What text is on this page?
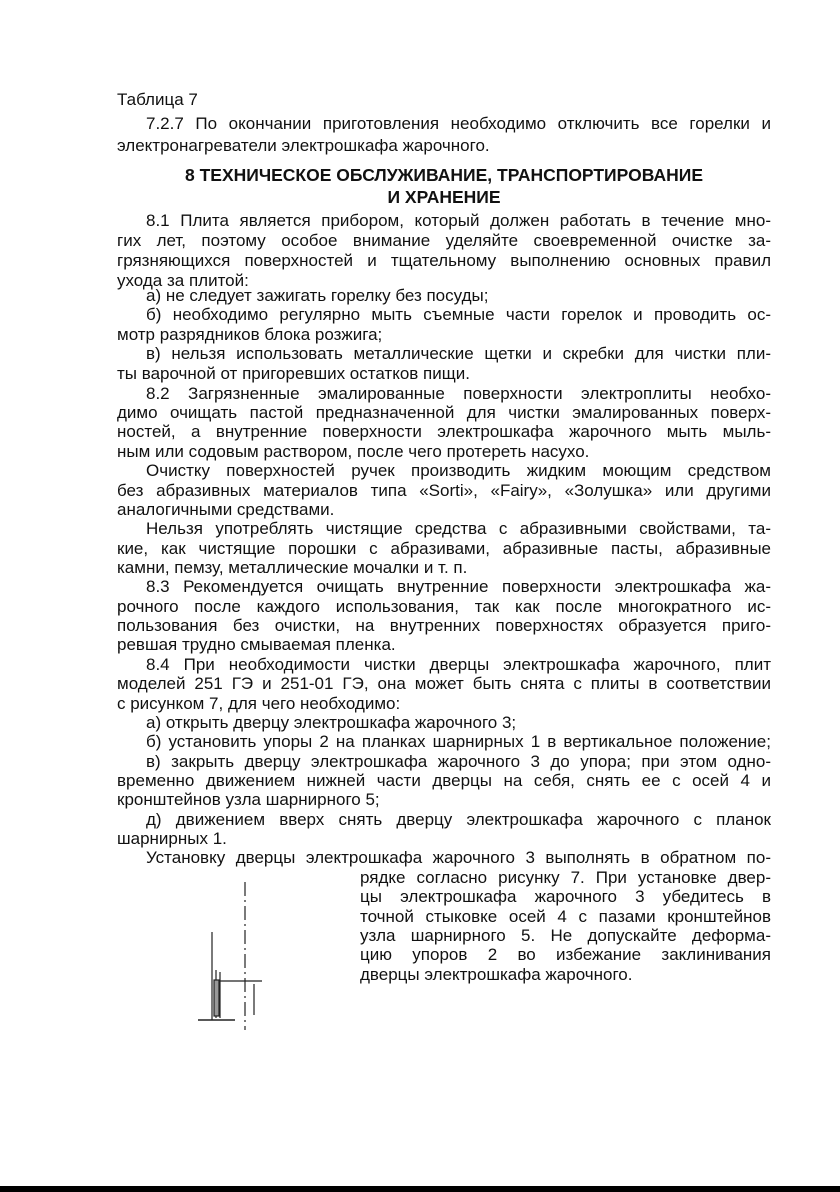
Таблица 7
7.2.7 По окончании приготовления необходимо отключить все горелки и
электронагреватели электрошкафа жарочного.
8 ТЕХНИЧЕСКОЕ ОБСЛУЖИВАНИЕ, ТРАНСПОРТИРОВАНИЕ
И ХРАНЕНИЕ
8.1 Плита является прибором, который должен работать в течение мно-
гих лет, поэтому особое внимание уделяйте своевременной очистке за-
грязняющихся поверхностей и тщательному выполнению основных правил
ухода за плитой:
а) не следует зажигать горелку без посуды;
б) необходимо регулярно мыть съемные части горелок и проводить ос-
мотр разрядников блока розжига;
в) нельзя использовать металлические щетки и скребки для чистки пли-
ты варочной от пригоревших остатков пищи.
8.2 Загрязненные эмалированные поверхности электроплиты необхо-
димо очищать пастой предназначенной для чистки эмалированных поверх-
ностей, а внутренние поверхности электрошкафа жарочного мыть мыль-
ным или содовым раствором, после чего протереть насухо.
Очистку поверхностей ручек производить жидким моющим средством
без абразивных материалов типа «Sorti», «Fairy», «Золушка» или другими
аналогичными средствами.
Нельзя употреблять чистящие средства с абразивными свойствами, та-
кие, как чистящие порошки с абразивами, абразивные пасты, абразивные
камни, пемзу, металлические мочалки и т. п.
8.3 Рекомендуется очищать внутренние поверхности электрошкафа жа-
рочного после каждого использования, так как после многократного ис-
пользования без очистки, на внутренних поверхностях образуется приго-
ревшая трудно смываемая пленка.
8.4 При необходимости чистки дверцы электрошкафа жарочного, плит
моделей 251 ГЭ и 251-01 ГЭ, она может быть снята с плиты в соответствии
с рисунком 7, для чего необходимо:
а) открыть дверцу электрошкафа жарочного 3;
б) установить упоры 2 на планках шарнирных 1 в вертикальное положение;
в) закрыть дверцу электрошкафа жарочного 3 до упора; при этом одно-
временно движением нижней части дверцы на себя, снять ее с осей 4 и
кронштейнов узла шарнирного 5;
д) движением вверх снять дверцу электрошкафа жарочного с планок
шарнирных 1.
Установку дверцы электрошкафа жарочного 3 выполнять в обратном по-
рядке согласно рисунку 7. При установке двер-
цы электрошкафа жарочного 3 убедитесь в
точной стыковке осей 4 с пазами кронштейнов
узла шарнирного 5. Не допускайте деформа-
цию упоров 2 во избежание заклинивания
дверцы электрошкафа жарочного.
